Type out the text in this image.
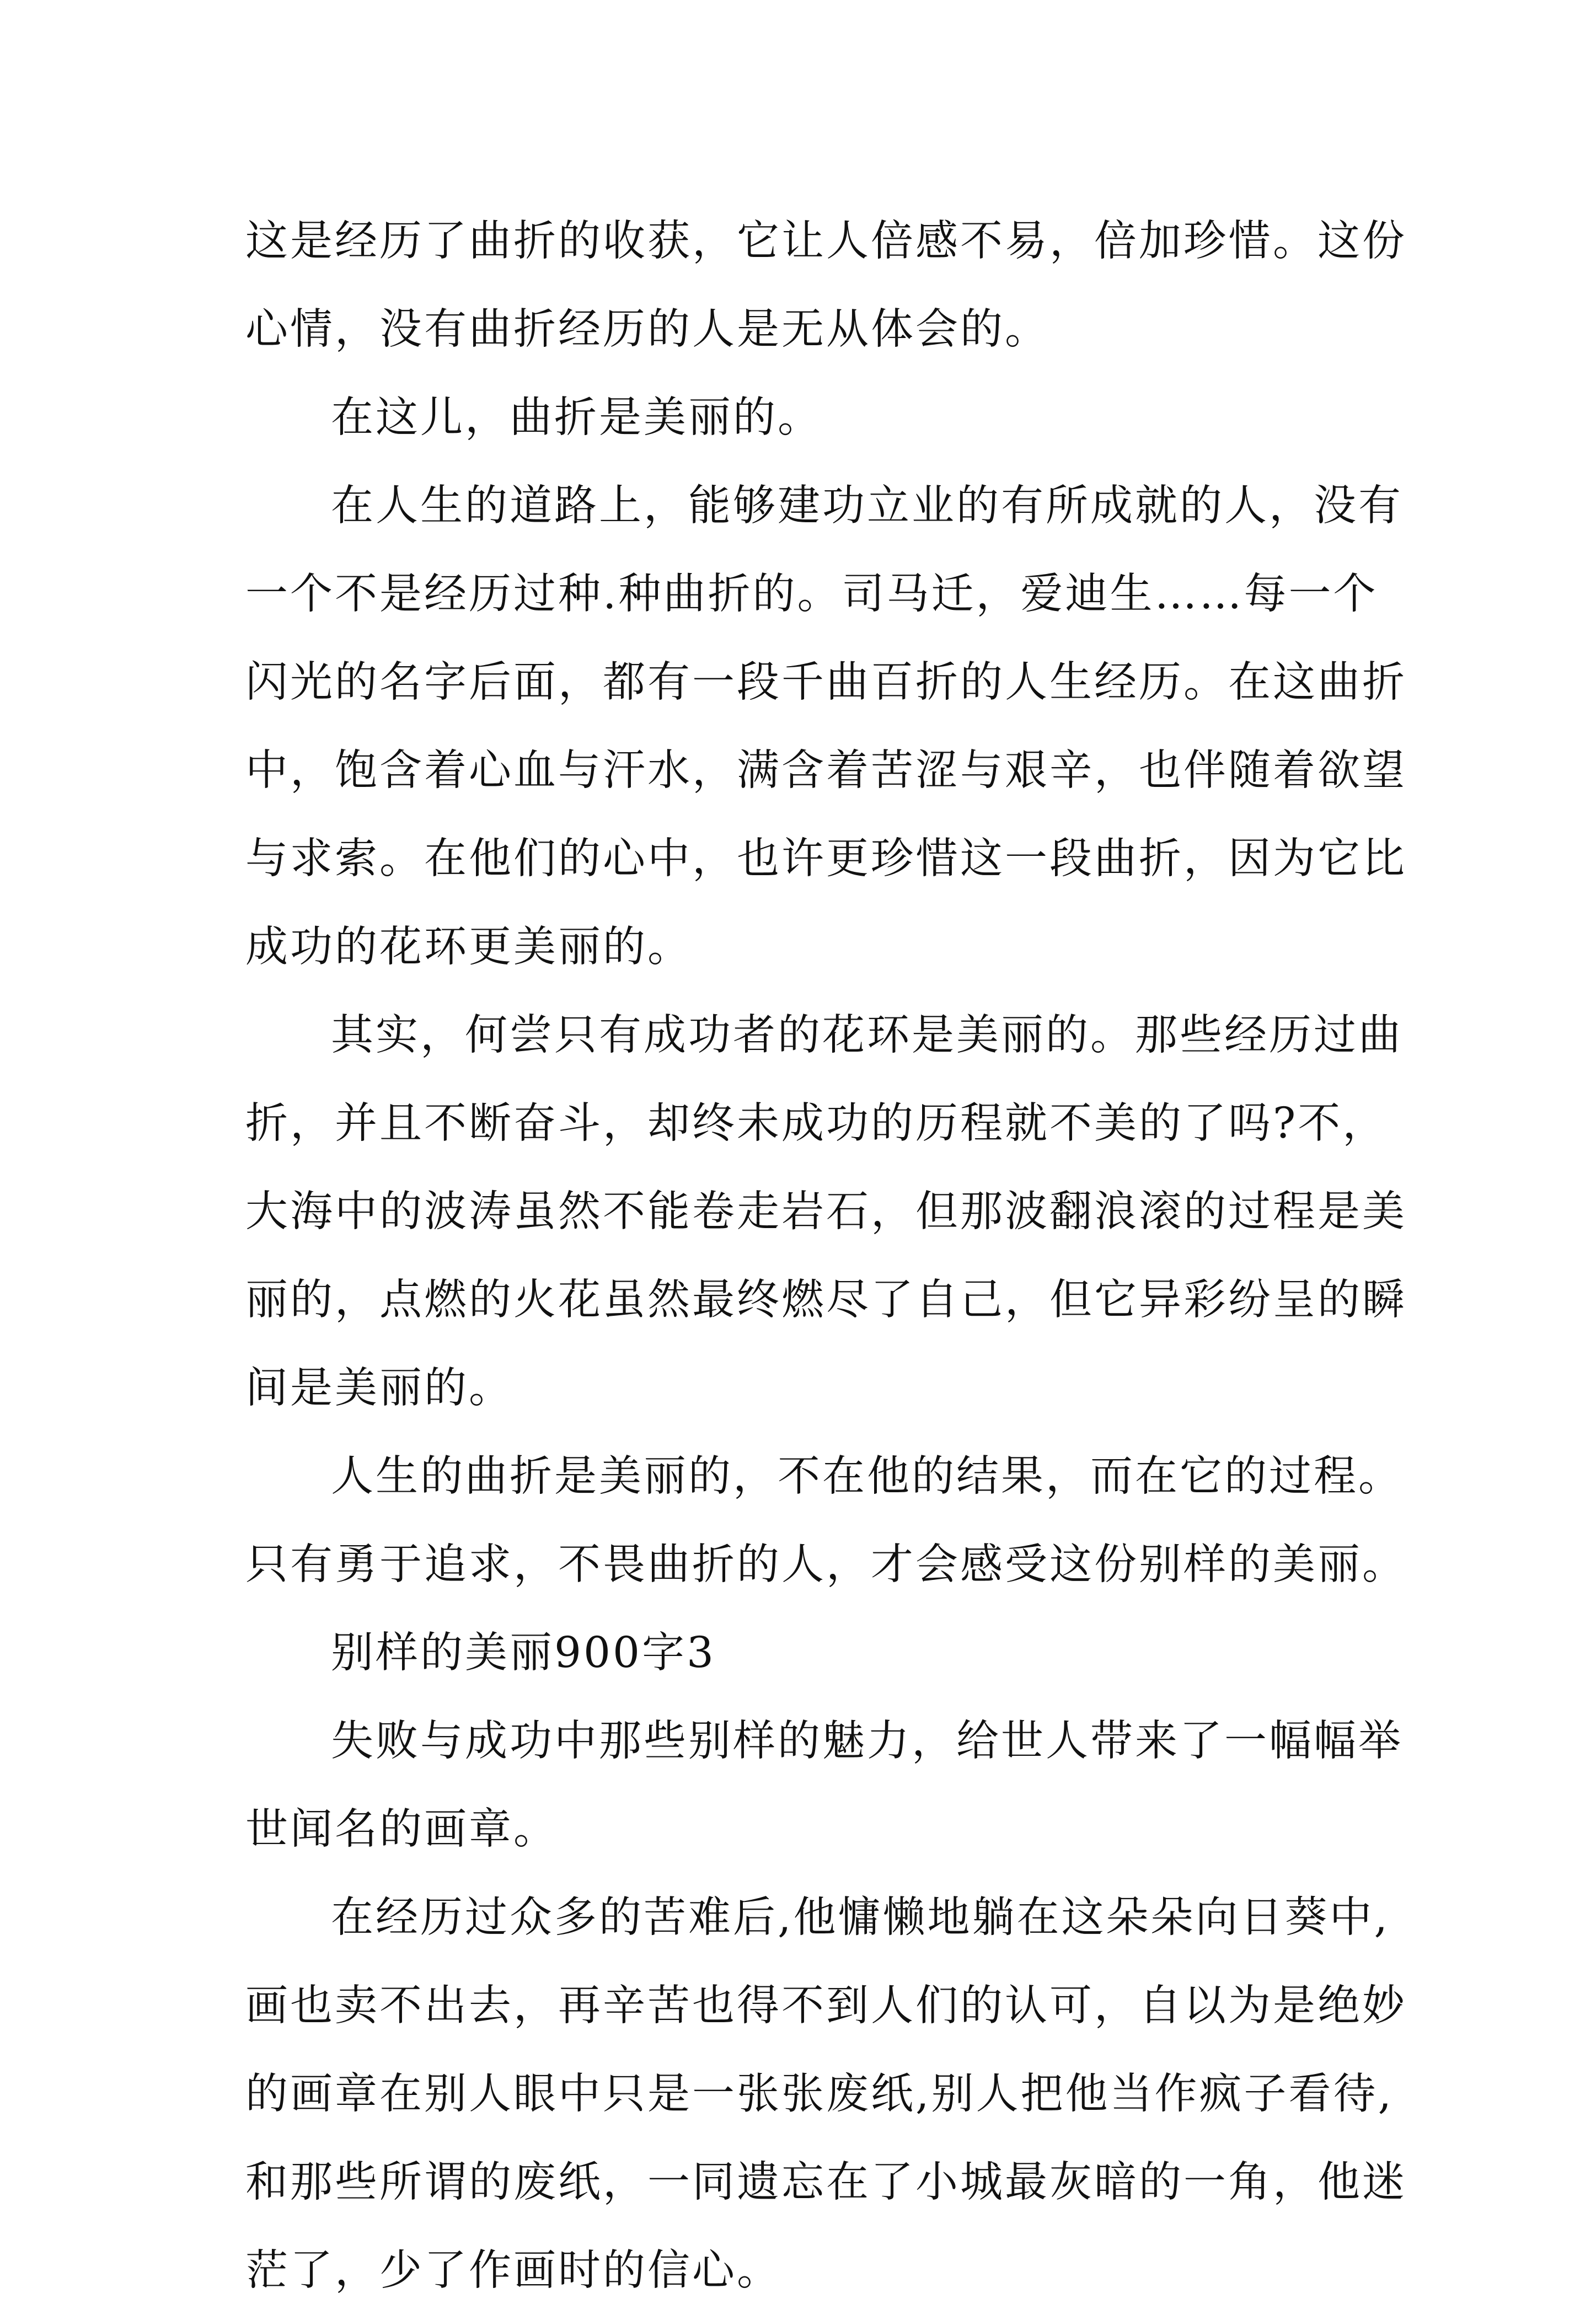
这是经历了曲折的收获，它让人倍感不易，倍加珍惜。这份
心情，没有曲折经历的人是无从体会的。
在这儿，曲折是美丽的。
在人生的道路上，能够建功立业的有所成就的人，没有
一个不是经历过种.种曲折的。司马迁，爱迪生……每一个
闪光的名字后面，都有一段千曲百折的人生经历。在这曲折
中，饱含着心血与汗水，满含着苦涩与艰辛，也伴随着欲望
与求索。在他们的心中，也许更珍惜这一段曲折，因为它比
成功的花环更美丽的。
其实，何尝只有成功者的花环是美丽的。那些经历过曲
折，并且不断奋斗，却终未成功的历程就不美的了吗?不，
大海中的波涛虽然不能卷走岩石，但那波翻浪滚的过程是美
丽的，点燃的火花虽然最终燃尽了自己，但它异彩纷呈的瞬
间是美丽的。
人生的曲折是美丽的，不在他的结果，而在它的过程。
只有勇于追求，不畏曲折的人，才会感受这份别样的美丽。
别样的美丽900字3
失败与成功中那些别样的魅力，给世人带来了一幅幅举
世闻名的画章。
在经历过众多的苦难后,他慵懒地躺在这朵朵向日葵中,
画也卖不出去，再辛苦也得不到人们的认可，自以为是绝妙
的画章在别人眼中只是一张张废纸,别人把他当作疯子看待,
和那些所谓的废纸，一同遗忘在了小城最灰暗的一角，他迷
茫了，少了作画时的信心。
